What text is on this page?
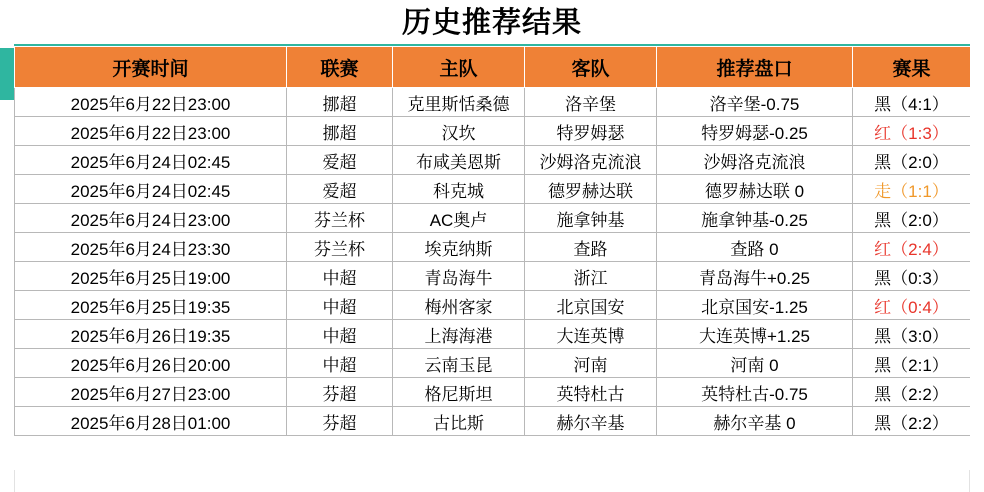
历史推荐结果
开赛时间	联赛	主队	客队	推荐盘口	赛果
2025年6月22日23:00	挪超	克里斯恬桑德	洛辛堡	洛辛堡-0.75	黑（4:1）
2025年6月22日23:00	挪超	汉坎	特罗姆瑟	特罗姆瑟-0.25	红（1:3）
2025年6月24日02:45	爱超	布咸美恩斯	沙姆洛克流浪	沙姆洛克流浪	黑（2:0）
2025年6月24日02:45	爱超	科克城	德罗赫达联	德罗赫达联 0	走（1:1）
2025年6月24日23:00	芬兰杯	AC奥卢	施拿钟基	施拿钟基-0.25	黑（2:0）
2025年6月24日23:30	芬兰杯	埃克纳斯	查路	查路 0	红（2:4）
2025年6月25日19:00	中超	青岛海牛	浙江	青岛海牛+0.25	黑（0:3）
2025年6月25日19:35	中超	梅州客家	北京国安	北京国安-1.25	红（0:4）
2025年6月26日19:35	中超	上海海港	大连英博	大连英博+1.25	黑（3:0）
2025年6月26日20:00	中超	云南玉昆	河南	河南 0	黑（2:1）
2025年6月27日23:00	芬超	格尼斯坦	英特杜古	英特杜古-0.75	黑（2:2）
2025年6月28日01:00	芬超	古比斯	赫尔辛基	赫尔辛基 0	黑（2:2）
